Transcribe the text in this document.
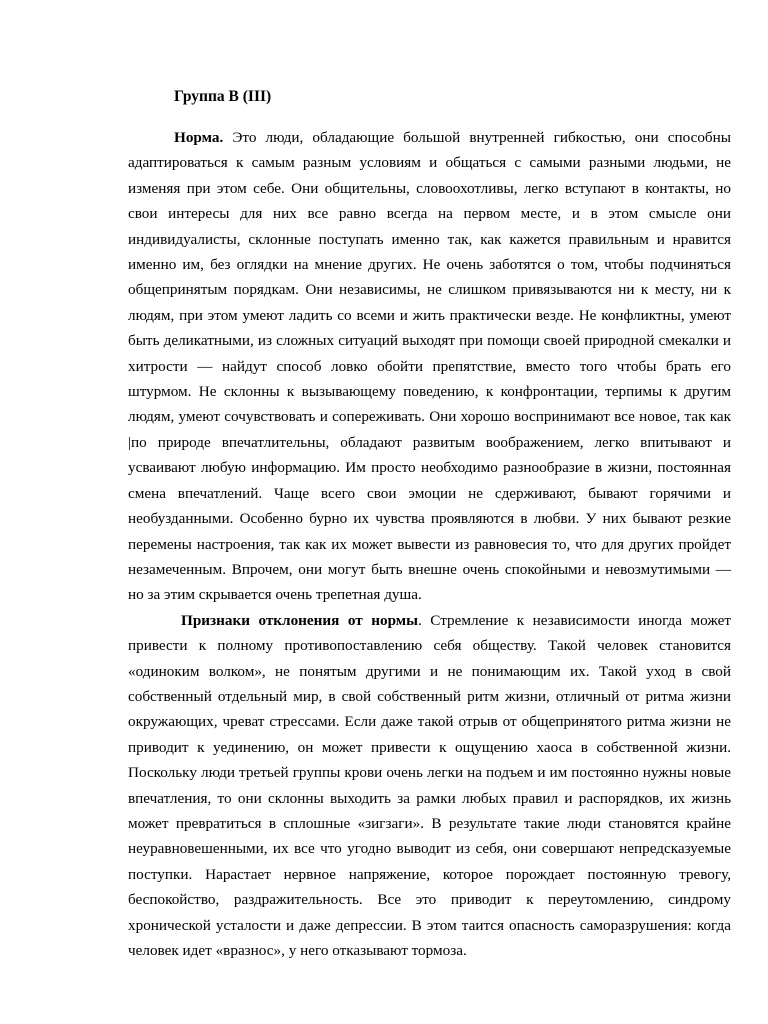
Группа В (III)

Норма. Это люди, обладающие большой внутренней гибкостью, они способны адаптироваться к самым разным условиям и общаться с самыми разными людьми, не изменяя при этом себе. Они общительны, словоохотливы, легко вступают в контакты, но свои интересы для них все равно всегда на первом месте, и в этом смысле они индивидуалисты, склонные поступать именно так, как кажется правильным и нравится именно им, без оглядки на мнение других. Не очень заботятся о том, чтобы подчиняться общепринятым порядкам. Они независимы, не слишком привязываются ни к месту, ни к людям, при этом умеют ладить со всеми и жить практически везде. Не конфликтны, умеют быть деликатными, из сложных ситуаций выходят при помощи своей природной смекалки и хитрости — найдут способ ловко обойти препятствие, вместо того чтобы брать его штурмом. Не склонны к вызывающему поведению, к конфронтации, терпимы к другим людям, умеют сочувствовать и сопереживать. Они хорошо воспринимают все новое, так как |по природе впечатлительны, обладают развитым воображением, легко впитывают и усваивают любую информацию. Им просто необходимо разнообразие в жизни, постоянная смена впечатлений. Чаще всего свои эмоции не сдерживают, бывают горячими и необузданными. Особенно бурно их чувства проявляются в любви. У них бывают резкие перемены настроения, так как их может вывести из равновесия то, что для других пройдет незамеченным. Впрочем, они могут быть внешне очень спокойными и невозмутимыми — но за этим скрывается очень трепетная душа.

Признаки отклонения от нормы. Стремление к независимости иногда может привести к полному противопоставлению себя обществу. Такой человек становится «одиноким волком», не понятым другими и не понимающим их. Такой уход в свой собственный отдельный мир, в свой собственный ритм жизни, отличный от ритма жизни окружающих, чреват стрессами. Если даже такой отрыв от общепринятого ритма жизни не приводит к уединению, он может привести к ощущению хаоса в собственной жизни. Поскольку люди третьей группы крови очень легки на подъем и им постоянно нужны новые впечатления, то они склонны выходить за рамки любых правил и распорядков, их жизнь может превратиться в сплошные «зигзаги». В результате такие люди становятся крайне неуравновешенными, их все что угодно выводит из себя, они совершают непредсказуемые поступки. Нарастает нервное напряжение, которое порождает постоянную тревогу, беспокойство, раздражительность. Все это приводит к переутомлению, синдрому хронической усталости и даже депрессии. В этом таится опасность саморазрушения: когда человек идет «вразнос», у него отказывают тормоза.
